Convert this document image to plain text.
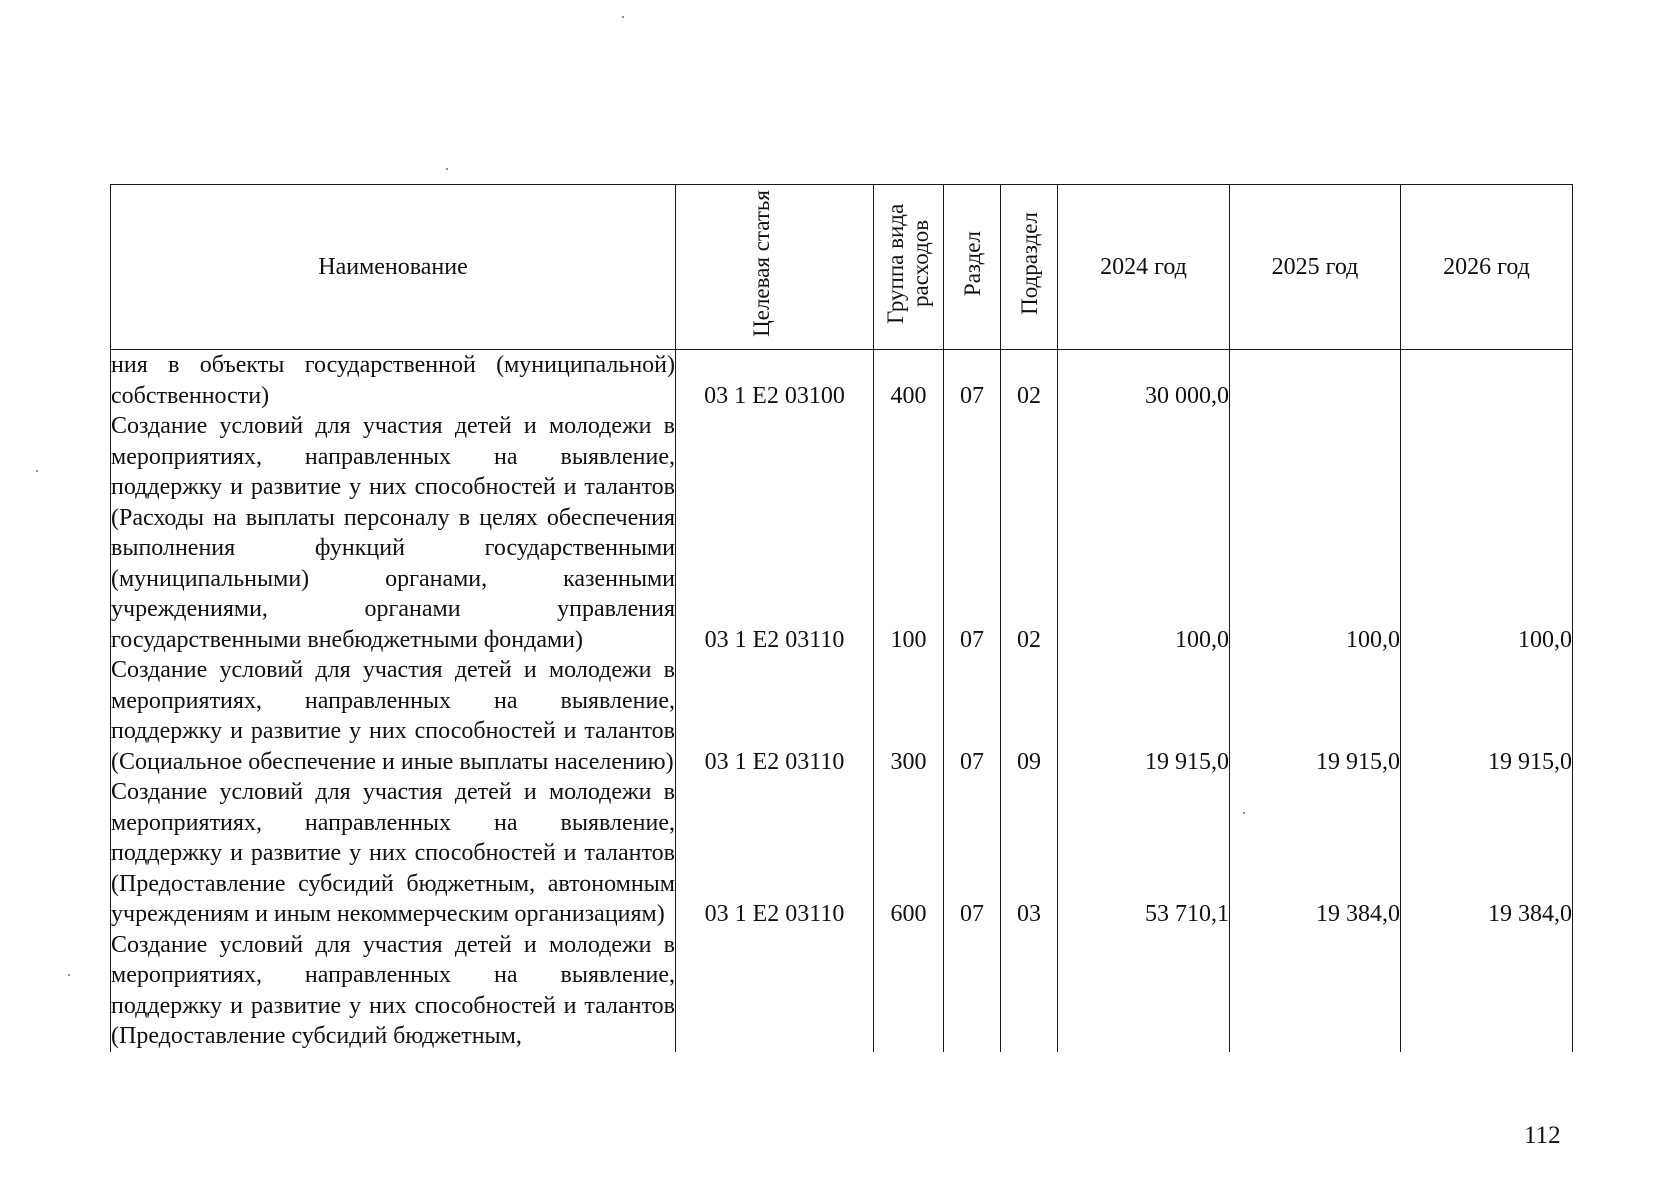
Наименование	Целевая статья	Группа вида расходов	Раздел	Подраздел	2024 год	2025 год	2026 год
ния в объекты государственной (муниципальной) собственности)	03 1 E2 03100	400	07	02	30 000,0		
Создание условий для участия детей и молодежи в мероприятиях, направленных на выявление, поддержку и развитие у них способностей и талантов (Расходы на выплаты персоналу в целях обеспечения выполнения функций государственными (муниципальными) органами, казенными учреждениями, органами управления государственными внебюджетными фондами)	03 1 E2 03110	100	07	02	100,0	100,0	100,0
Создание условий для участия детей и молодежи в мероприятиях, направленных на выявление, поддержку и развитие у них способностей и талантов (Социальное обеспечение и иные выплаты населению)	03 1 E2 03110	300	07	09	19 915,0	19 915,0	19 915,0
Создание условий для участия детей и молодежи в мероприятиях, направленных на выявление, поддержку и развитие у них способностей и талантов (Предоставление субсидий бюджетным, автономным учреждениям и иным некоммерческим организациям)	03 1 E2 03110	600	07	03	53 710,1	19 384,0	19 384,0
Создание условий для участия детей и молодежи в мероприятиях, направленных на выявление, поддержку и развитие у них способностей и талантов (Предоставление субсидий бюджетным,							
112
